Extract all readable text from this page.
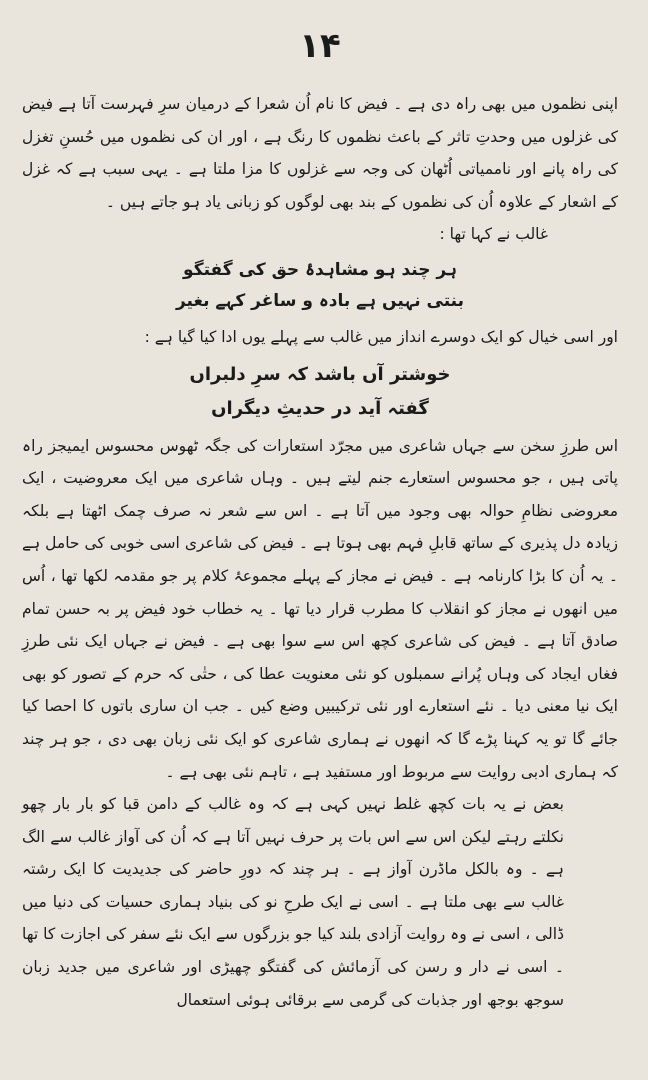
۱۴

اپنی نظموں میں بھی راہ دی ہے ۔ فیض کا نام اُن شعرا کے درمیان سرِ فہرست آتا ہے فیض کی غزلوں میں وحدتِ تاثر کے باعث نظموں کا رنگ ہے ، اور ان کی نظموں میں حُسنِ تغزل کی راہ پانے اور ناممیاتی اُٹھان کی وجہ سے غزلوں کا مزا ملتا ہے ۔ یہی سبب ہے کہ غزل کے اشعار کے علاوہ اُن کی نظموں کے بند بھی لوگوں کو زبانی یاد ہو جاتے ہیں ۔

غالب نے کہا تھا :

ہر چند ہو مشاہدۂ حق کی گفتگو

بنتی نہیں ہے بادہ و ساغر کہے بغیر

اور اسی خیال کو ایک دوسرے انداز میں غالب سے پہلے یوں ادا کیا گیا ہے :

خوشتر آں باشد کہ سرِ دلبراں

گفتہ آید در حدیثِ دیگراں

اس طرزِ سخن سے جہاں شاعری میں مجرّد استعارات کی جگہ ٹھوس محسوس ایمیجز راہ پاتی ہیں ، جو محسوس استعارے جنم لیتے ہیں ۔ وہاں شاعری میں ایک معروضیت ، ایک معروضی نظامِ حوالہ بھی وجود میں آتا ہے ۔ اس سے شعر نہ صرف چمک اٹھتا ہے بلکہ زیادہ دل پذیری کے ساتھ قابلِ فہم بھی ہوتا ہے ۔ فیض کی شاعری اسی خوبی کی حامل ہے ۔ یہ اُن کا بڑا کارنامہ ہے ۔ فیض نے مجاز کے پہلے مجموعۂ کلام پر جو مقدمہ لکھا تھا ، اُس میں انھوں نے مجاز کو انقلاب کا مطرب قرار دیا تھا ۔ یہ خطاب خود فیض پر بہ حسن تمام صادق آتا ہے ۔ فیض کی شاعری کچھ اس سے سوا بھی ہے ۔ فیض نے جہاں ایک نئی طرزِ فغاں ایجاد کی وہاں پُرانے سمبلوں کو نئی معنویت عطا کی ، حتٰی کہ حرم کے تصور کو بھی ایک نیا معنی دیا ۔ نئے استعارے اور نئی ترکیبیں وضع کیں ۔ جب ان ساری باتوں کا احصا کیا جائے گا تو یہ کہنا پڑے گا کہ انھوں نے ہماری شاعری کو ایک نئی زبان بھی دی ، جو ہر چند کہ ہماری ادبی روایت سے مربوط اور مستفید ہے ، تاہم نئی بھی ہے ۔

بعض نے یہ بات کچھ غلط نہیں کہی ہے کہ وہ غالب کے دامن قبا کو بار بار چھو نکلتے رہتے لیکن اس سے اس بات پر حرف نہیں آتا ہے کہ اُن کی آواز غالب سے الگ ہے ۔ وہ بالکل ماڈرن آواز ہے ۔ ہر چند کہ دورِ حاضر کی جدیدیت کا ایک رشتہ غالب سے بھی ملتا ہے ۔ اسی نے ایک طرحِ نو کی بنیاد ہماری حسیات کی دنیا میں ڈالی ، اسی نے وہ روایت آزادی بلند کیا جو بزرگوں سے ایک نئے سفر کی اجازت کا تھا ۔ اسی نے دار و رسن کی آزمائش کی گفتگو چھیڑی اور شاعری میں جدید زبان سوجھ بوجھ اور جذبات کی گرمی سے برقائی ہوئی استعمال
